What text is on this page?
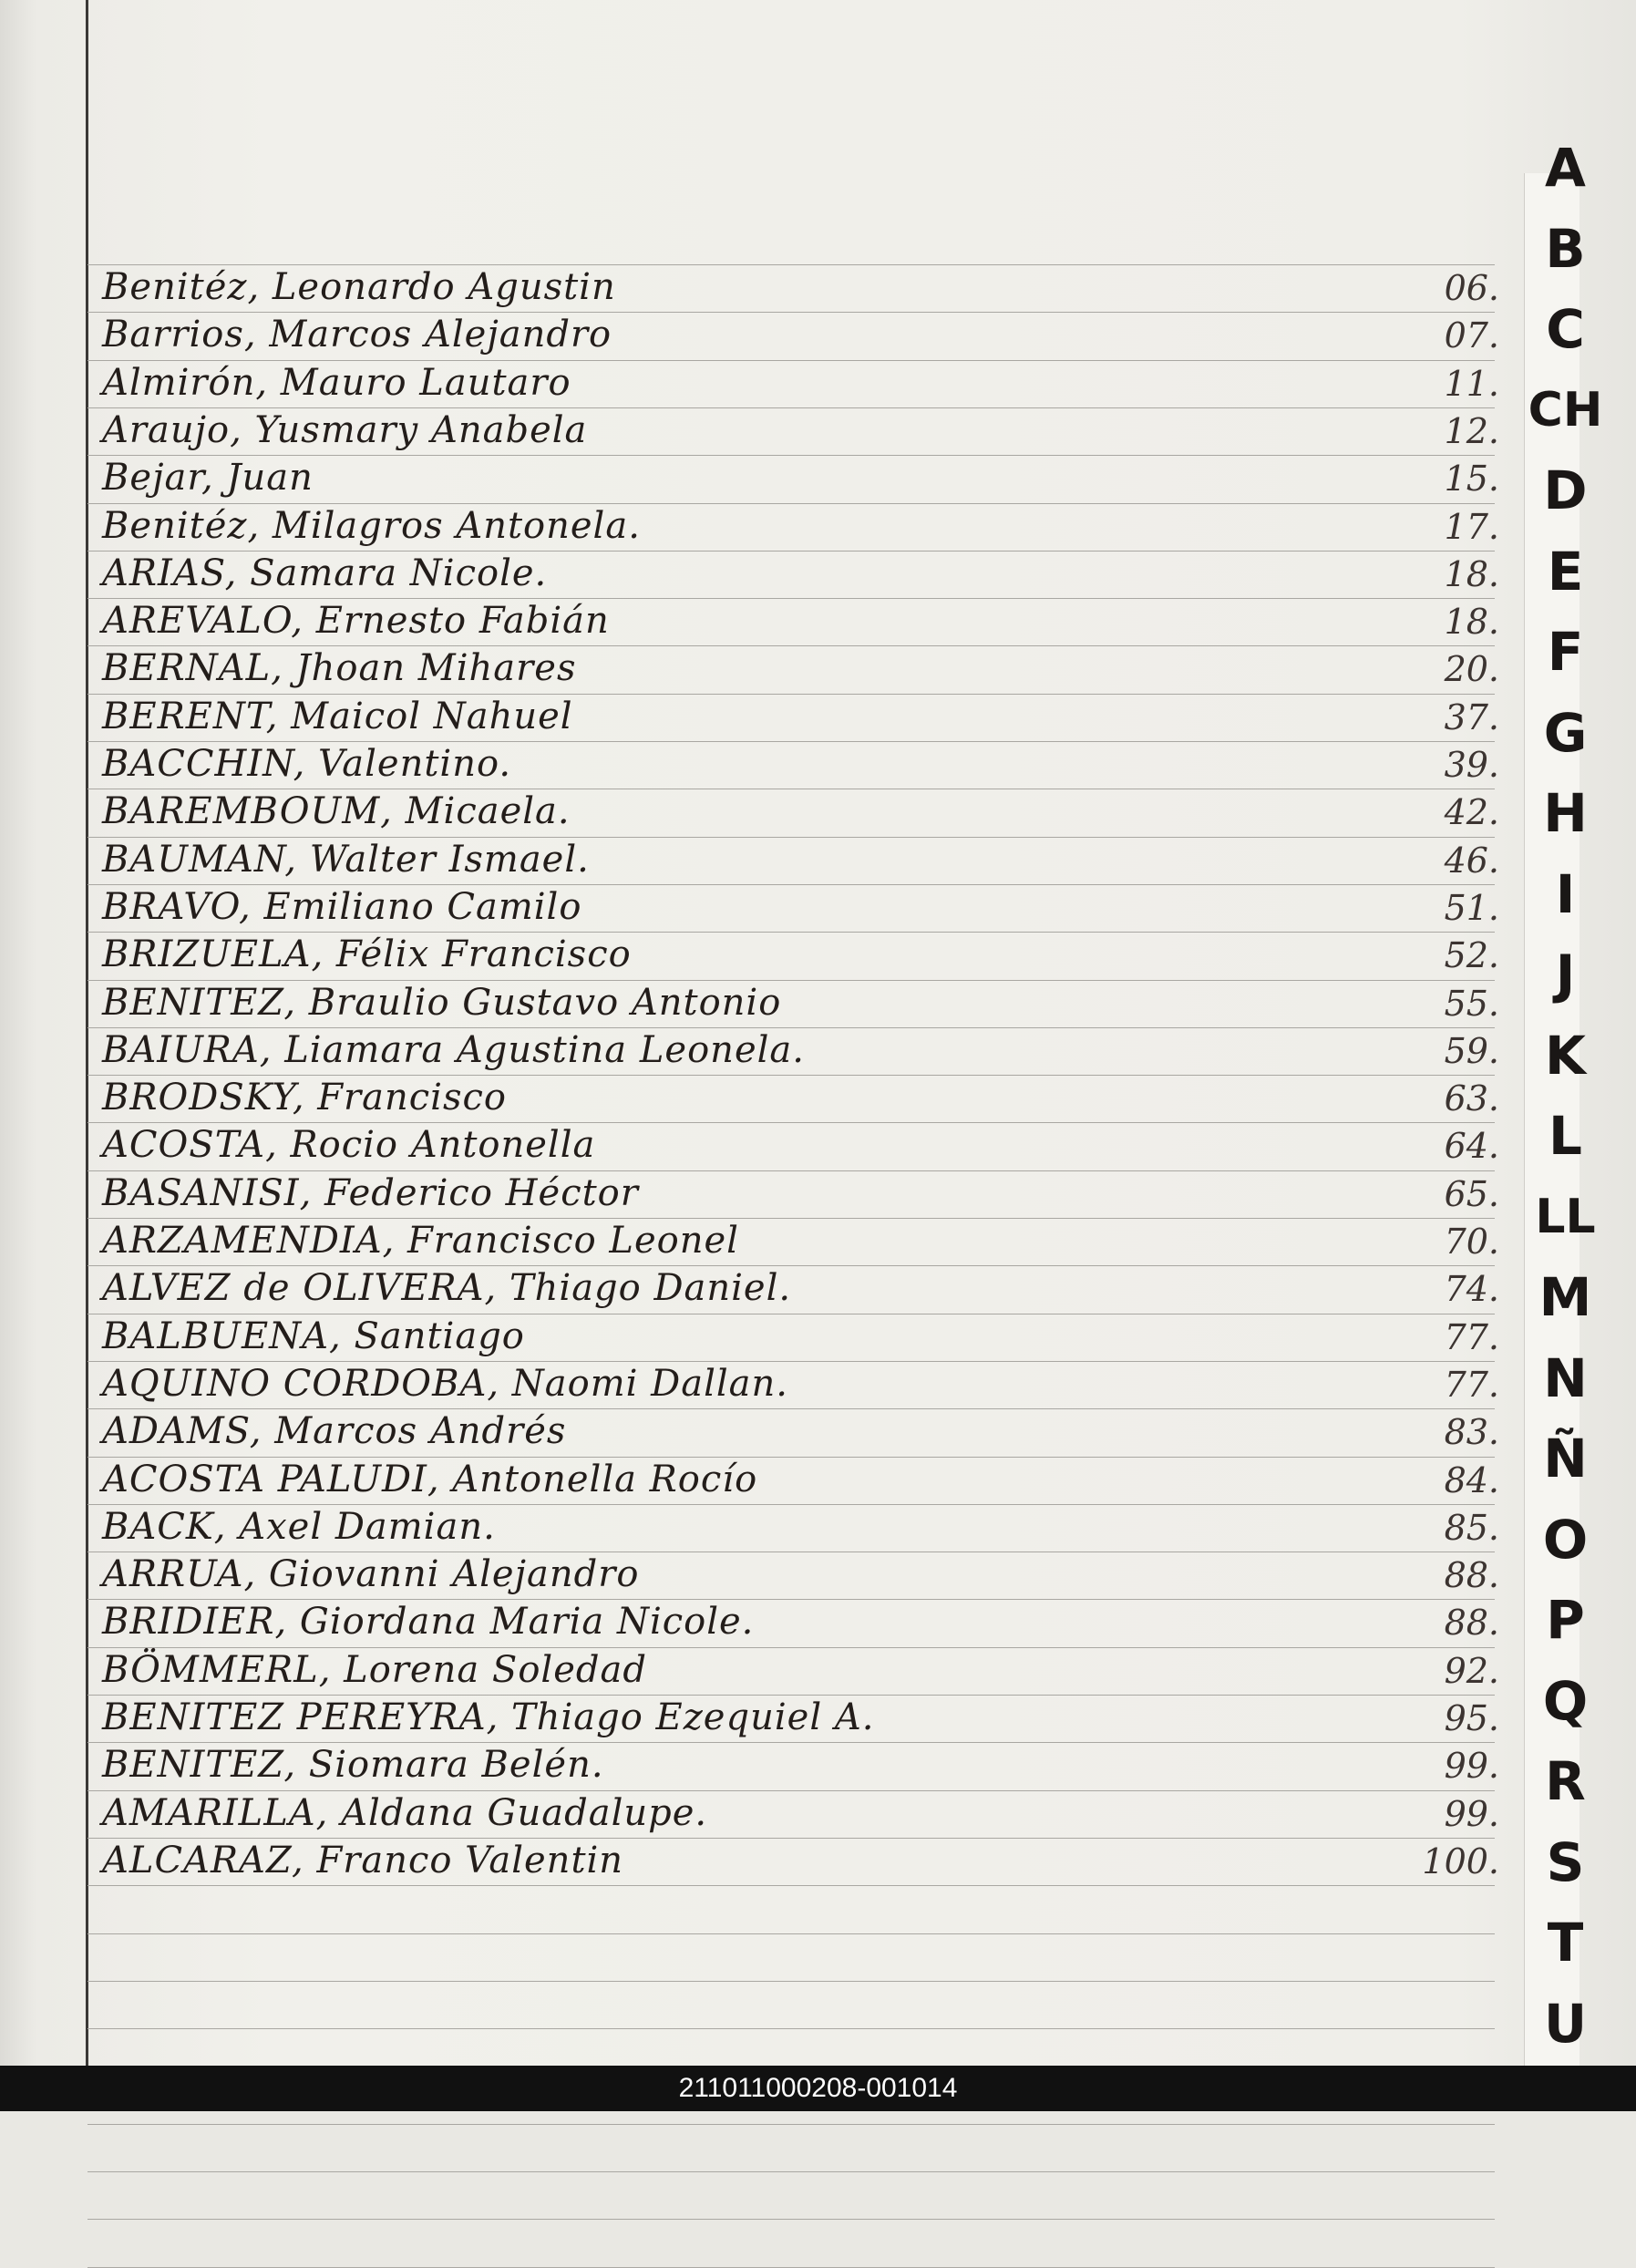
Benitéz, Leonardo Agustin	06.
Barrios, Marcos Alejandro	07.
Almirón, Mauro Lautaro	11.
Araujo, Yusmary Anabela	12.
Bejar, Juan	15.
Benitéz, Milagros Antonela.	17.
ARIAS, Samara Nicole.	18.
AREVALO, Ernesto Fabián	18.
BERNAL, Jhoan Mihares	20.
BERENT, Maicol Nahuel	37.
BACCHIN, Valentino.	39.
BAREMBOUM, Micaela.	42.
BAUMAN, Walter Ismael.	46.
BRAVO, Emiliano Camilo	51.
BRIZUELA, Félix Francisco	52.
BENITEZ, Braulio Gustavo Antonio	55.
BAIURA, Liamara Agustina Leonela.	59.
BRODSKY, Francisco	63.
ACOSTA, Rocio Antonella	64.
BASANISI, Federico Héctor	65.
ARZAMENDIA, Francisco Leonel	70.
ALVEZ de OLIVERA, Thiago Daniel.	74.
BALBUENA, Santiago	77.
AQUINO CORDOBA, Naomi Dallan.	77.
ADAMS, Marcos Andrés	83.
ACOSTA PALUDI, Antonella Rocío	84.
BACK, Axel Damian.	85.
ARRUA, Giovanni Alejandro	88.
BRIDIER, Giordana Maria Nicole.	88.
BÖMMERL, Lorena Soledad	92.
BENITEZ PEREYRA, Thiago Ezequiel A.	95.
BENITEZ, Siomara Belén.	99.
AMARILLA, Aldana Guadalupe.	99.
ALCARAZ, Franco Valentin	100.
A
B
C
CH
D
E
F
G
H
I
J
K
L
LL
M
N
Ñ
O
P
Q
R
S
T
U
211011000208-001014
